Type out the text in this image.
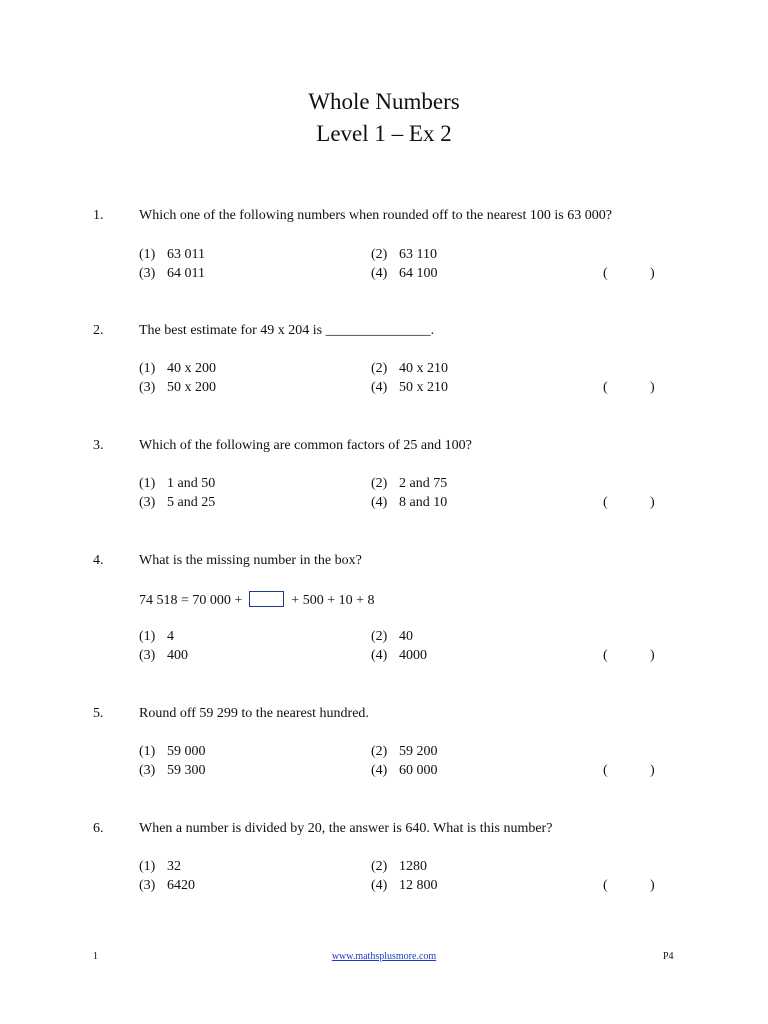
Whole Numbers
Level 1 – Ex 2
1.	Which one of the following numbers when rounded off to the nearest 100 is 63 000?
(1) 63 011	(2) 63 110
(3) 64 011	(4) 64 100	(	)
2.	The best estimate for 49 x 204 is _______________.
(1) 40 x 200	(2) 40 x 210
(3) 50 x 200	(4) 50 x 210	(	)
3.	Which of the following are common factors of 25 and 100?
(1) 1 and 50	(2) 2 and 75
(3) 5 and 25	(4) 8 and 10	(	)
4.	What is the missing number in the box?
74 518 = 70 000 +	+ 500 + 10 + 8
(1) 4	(2) 40
(3) 400	(4) 4000	(	)
5.	Round off 59 299 to the nearest hundred.
(1) 59 000	(2) 59 200
(3) 59 300	(4) 60 000	(	)
6.	When a number is divided by 20, the answer is 640. What is this number?
(1) 32	(2) 1280
(3) 6420	(4) 12 800	(	)
1	www.mathsplusmore.com	P4
